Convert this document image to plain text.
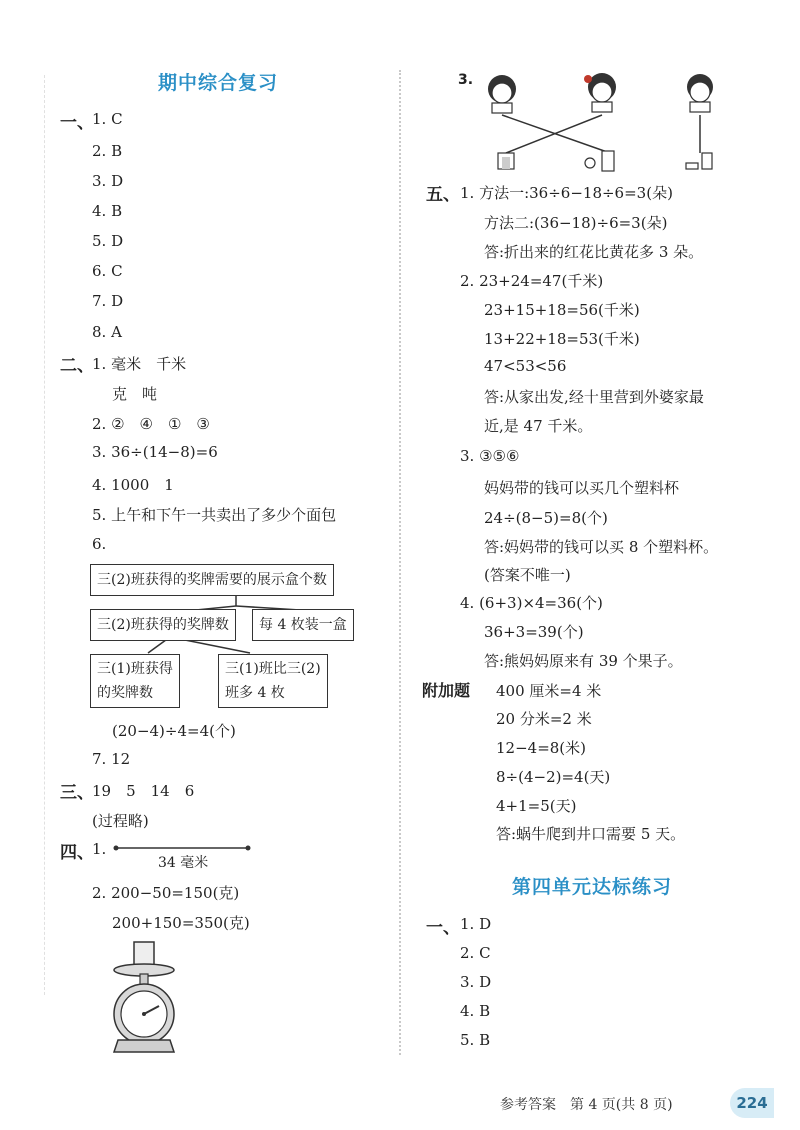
期中综合复习
一、
1. C
2. B
3. D
4. B
5. D
6. C
7. D
8. A
二、
1. 毫米　千米
克　吨
2. ②　④　①　③
3. 36÷(14−8)=6
4. 1000　1
5. 上午和下午一共卖出了多少个面包
6.
三(2)班获得的奖牌需要的展示盒个数
三(2)班获得的奖牌数	每 4 枚装一盒
三(1)班获得
的奖牌数
三(1)班比三(2)
班多 4 枚
(20−4)÷4=4(个)
7. 12
三、
19　5　14　6
(过程略)
四、
1.
34 毫米
2. 200−50=150(克)
200+150=350(克)
3.
五、 1. 方法一:36÷6−18÷6=3(朵)
方法二:(36−18)÷6=3(朵)
答:折出来的红花比黄花多 3 朵。
2. 23+24=47(千米)
23+15+18=56(千米)
13+22+18=53(千米)
47<53<56
答:从家出发,经十里营到外婆家最
近,是 47 千米。
3. ③⑤⑥
妈妈带的钱可以买几个塑料杯
24÷(8−5)=8(个)
答:妈妈带的钱可以买 8 个塑料杯。
(答案不唯一)
4. (6+3)×4=36(个)
36+3=39(个)
答:熊妈妈原来有 39 个果子。
附加题 400 厘米=4 米
20 分米=2 米
12−4=8(米)
8÷(4−2)=4(天)
4+1=5(天)
答:蜗牛爬到井口需要 5 天。
第四单元达标练习
一、 1. D
2. C
3. D
4. B
5. B
参考答案　第 4 页(共 8 页)	224
